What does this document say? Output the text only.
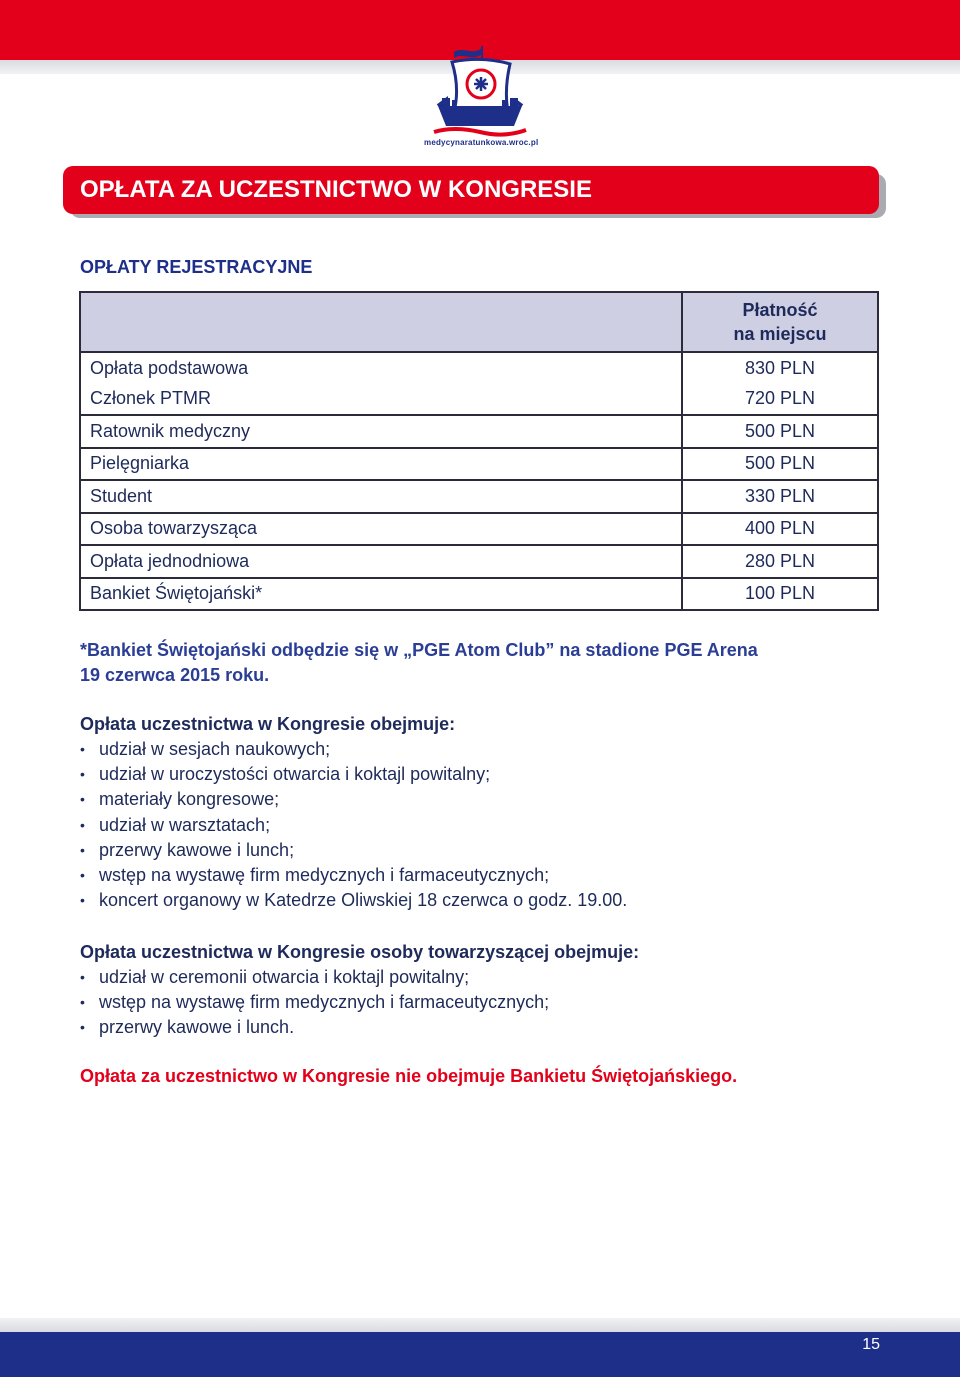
medycynaratunkowa.wroc.pl
OPŁATA ZA UCZESTNICTWO W KONGRESIE
OPŁATY REJESTRACYJNE
	Płatność
na miejscu
Opłata podstawowa	830 PLN
Członek PTMR	720 PLN
Ratownik medyczny	500 PLN
Pielęgniarka	500 PLN
Student	330 PLN
Osoba towarzysząca	400 PLN
Opłata jednodniowa	280 PLN
Bankiet Świętojański*	100 PLN
*Bankiet Świętojański odbędzie się w „PGE Atom Club” na stadione PGE Arena
19 czerwca 2015 roku.
Opłata uczestnictwa w Kongresie obejmuje:
• udział w sesjach naukowych;
• udział w uroczystości otwarcia i koktajl powitalny;
• materiały kongresowe;
• udział w warsztatach;
• przerwy kawowe i lunch;
• wstęp na wystawę firm medycznych i farmaceutycznych;
• koncert organowy w Katedrze Oliwskiej 18 czerwca o godz. 19.00.
Opłata uczestnictwa w Kongresie osoby towarzyszącej obejmuje:
• udział w ceremonii otwarcia i koktajl powitalny;
• wstęp na wystawę firm medycznych i farmaceutycznych;
• przerwy kawowe i lunch.
Opłata za uczestnictwo w Kongresie nie obejmuje Bankietu Świętojańskiego.
15
